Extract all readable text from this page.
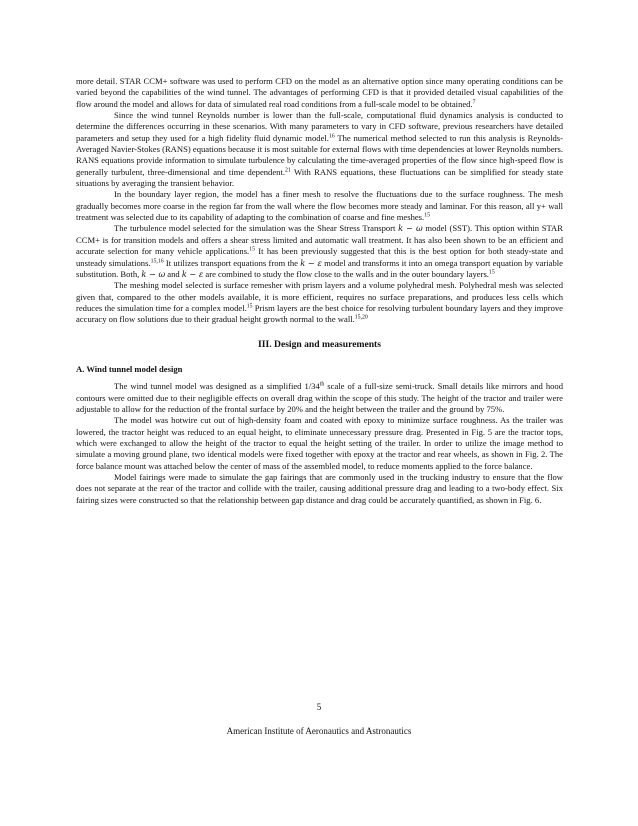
more detail. STAR CCM+ software was used to perform CFD on the model as an alternative option since many operating conditions can be varied beyond the capabilities of the wind tunnel. The advantages of performing CFD is that it provided detailed visual capabilities of the flow around the model and allows for data of simulated real road conditions from a full-scale model to be obtained.$^7$

Since the wind tunnel Reynolds number is lower than the full-scale, computational fluid dynamics analysis is conducted to determine the differences occurring in these scenarios. With many parameters to vary in CFD software, previous researchers have detailed parameters and setup they used for a high fidelity fluid dynamic model.$^{16}$ The numerical method selected to run this analysis is Reynolds-Averaged Navier-Stokes (RANS) equations because it is most suitable for external flows with time dependencies at lower Reynolds numbers. RANS equations provide information to simulate turbulence by calculating the time-averaged properties of the flow since high-speed flow is generally turbulent, three-dimensional and time dependent.$^{21}$ With RANS equations, these fluctuations can be simplified for steady state situations by averaging the transient behavior.

In the boundary layer region, the model has a finer mesh to resolve the fluctuations due to the surface roughness. The mesh gradually becomes more coarse in the region far from the wall where the flow becomes more steady and laminar. For this reason, all y+ wall treatment was selected due to its capability of adapting to the combination of coarse and fine meshes.$^{15}$

The turbulence model selected for the simulation was the Shear Stress Transport k − ω model (SST). This option within STAR CCM+ is for transition models and offers a shear stress limited and automatic wall treatment. It has also been shown to be an efficient and accurate selection for many vehicle applications.$^{15}$ It has been previously suggested that this is the best option for both steady-state and unsteady simulations.$^{15,16}$ It utilizes transport equations from the k − ε model and transforms it into an omega transport equation by variable substitution. Both, k − ω and k − ε are combined to study the flow close to the walls and in the outer boundary layers.$^{15}$

The meshing model selected is surface remesher with prism layers and a volume polyhedral mesh. Polyhedral mesh was selected given that, compared to the other models available, it is more efficient, requires no surface preparations, and produces less cells which reduces the simulation time for a complex model.$^{15}$ Prism layers are the best choice for resolving turbulent boundary layers and they improve accuracy on flow solutions due to their gradual height growth normal to the wall.$^{15,20}$

III. Design and measurements
A. Wind tunnel model design

The wind tunnel model was designed as a simplified 1/34th scale of a full-size semi-truck. Small details like mirrors and hood contours were omitted due to their negligible effects on overall drag within the scope of this study. The height of the tractor and trailer were adjustable to allow for the reduction of the frontal surface by 20% and the height between the trailer and the ground by 75%.

The model was hotwire cut out of high-density foam and coated with epoxy to minimize surface roughness. As the trailer was lowered, the tractor height was reduced to an equal height, to eliminate unnecessary pressure drag. Presented in Fig. 5 are the tractor tops, which were exchanged to allow the height of the tractor to equal the height setting of the trailer. In order to utilize the image method to simulate a moving ground plane, two identical models were fixed together with epoxy at the tractor and rear wheels, as shown in Fig. 2. The force balance mount was attached below the center of mass of the assembled model, to reduce moments applied to the force balance.

Model fairings were made to simulate the gap fairings that are commonly used in the trucking industry to ensure that the flow does not separate at the rear of the tractor and collide with the trailer, causing additional pressure drag and leading to a two-body effect. Six fairing sizes were constructed so that the relationship between gap distance and drag could be accurately quantified, as shown in Fig. 6.

5
American Institute of Aeronautics and Astronautics
